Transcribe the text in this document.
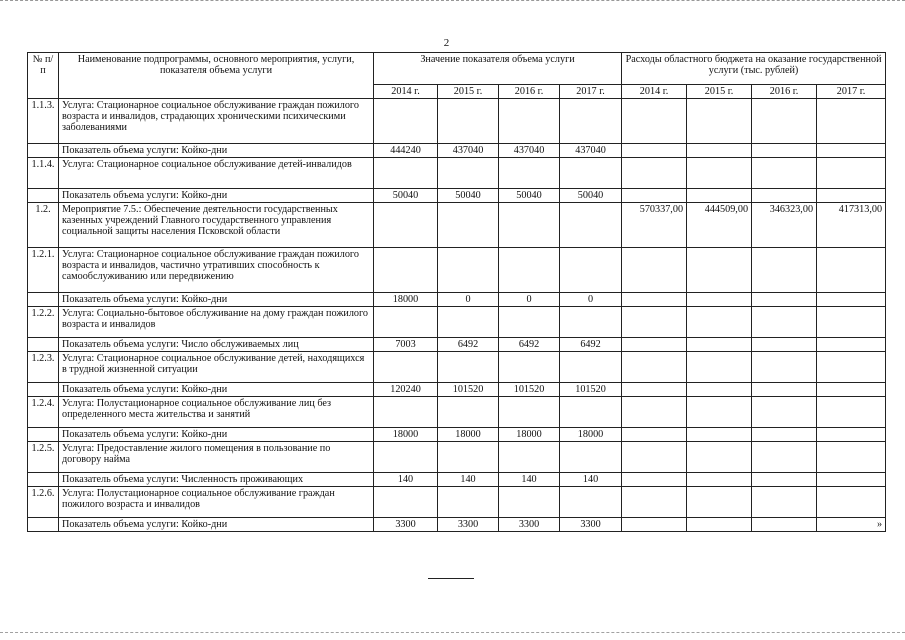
2
№ п/п	Наименование подпрограммы, основного мероприятия, услуги, показателя объема услуги	Значение показателя объема услуги				Расходы областного бюджета на оказание государственной услуги (тыс. рублей)			
		2014 г.	2015 г.	2016 г.	2017 г.	2014 г.	2015 г.	2016 г.	2017 г.
1.1.3.	Услуга: Стационарное социальное обслуживание граждан пожилого возраста и инвалидов, страдающих хроническими психическими заболеваниями								
	Показатель объема услуги: Койко-дни	444240	437040	437040	437040				
1.1.4.	Услуга: Стационарное социальное обслуживание детей-инвалидов								
	Показатель объема услуги: Койко-дни	50040	50040	50040	50040				
1.2.	Мероприятие 7.5.: Обеспечение деятельности государственных казенных учреждений Главного государственного управления социальной защиты населения Псковской области					570337,00	444509,00	346323,00	417313,00
1.2.1.	Услуга: Стационарное социальное обслуживание граждан пожилого возраста и инвалидов, частично утративших способность к самообслуживанию или передвижению								
	Показатель объема услуги: Койко-дни	18000	0	0	0				
1.2.2.	Услуга: Социально-бытовое обслуживание на дому граждан пожилого возраста и инвалидов								
	Показатель объема услуги: Число обслуживаемых лиц	7003	6492	6492	6492				
1.2.3.	Услуга: Стационарное социальное обслуживание детей, находящихся в трудной жизненной ситуации								
	Показатель объема услуги: Койко-дни	120240	101520	101520	101520				
1.2.4.	Услуга: Полустационарное социальное обслуживание лиц без определенного места жительства и занятий								
	Показатель объема услуги: Койко-дни	18000	18000	18000	18000				
1.2.5.	Услуга: Предоставление жилого помещения в пользование по договору найма								
	Показатель объема услуги: Численность проживающих	140	140	140	140				
1.2.6.	Услуга: Полустационарное социальное обслуживание граждан пожилого возраста и инвалидов								
	Показатель объема услуги: Койко-дни	3300	3300	3300	3300				»
